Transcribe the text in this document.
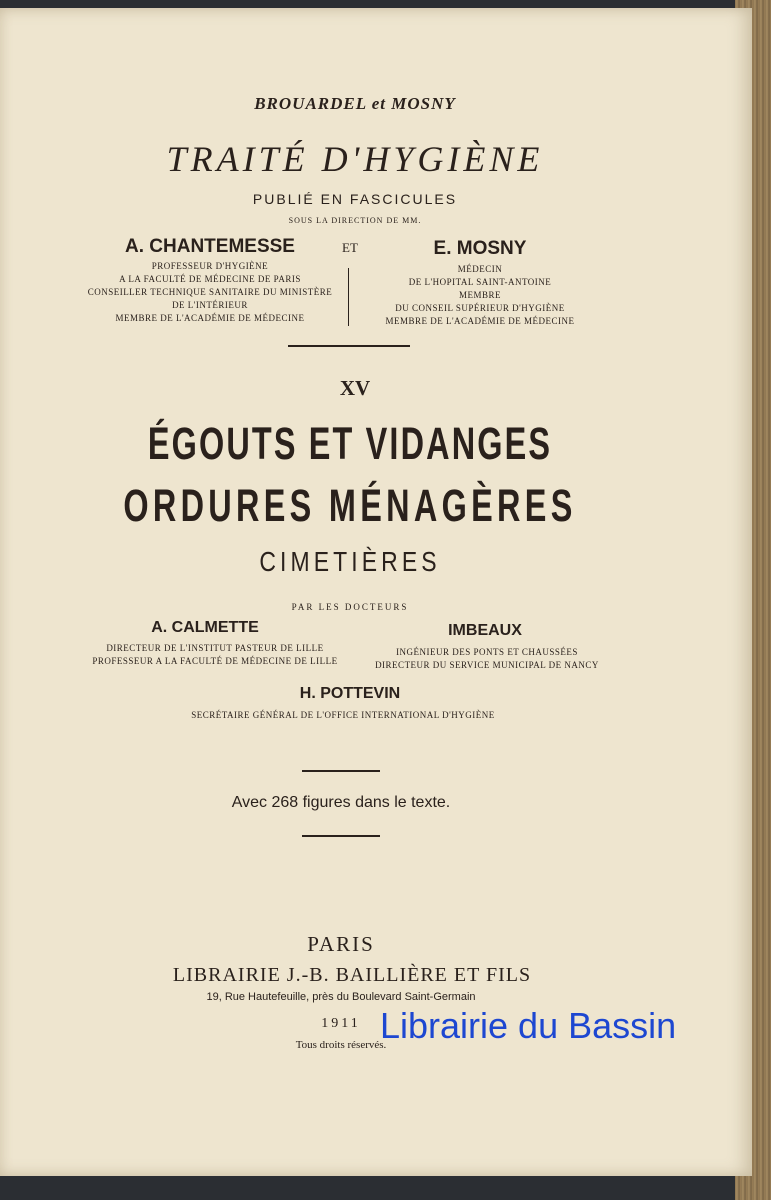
BROUARDEL et MOSNY
TRAITÉ D'HYGIÈNE
PUBLIÉ EN FASCICULES
SOUS LA DIRECTION DE MM.
A. CHANTEMESSE	ET	E. MOSNY
PROFESSEUR D'HYGIÈNE
A LA FACULTÉ DE MÉDECINE DE PARIS
CONSEILLER TECHNIQUE SANITAIRE DU MINISTÈRE
DE L'INTÉRIEUR
MEMBRE DE L'ACADÉMIE DE MÉDECINE
MÉDECIN
DE L'HOPITAL SAINT-ANTOINE
MEMBRE
DU CONSEIL SUPÉRIEUR D'HYGIÈNE
MEMBRE DE L'ACADÉMIE DE MÉDECINE
XV
ÉGOUTS ET VIDANGES
ORDURES MÉNAGÈRES
CIMETIÈRES
PAR LES DOCTEURS
A. CALMETTE	IMBEAUX
DIRECTEUR DE L'INSTITUT PASTEUR DE LILLE
PROFESSEUR A LA FACULTÉ DE MÉDECINE DE LILLE
INGÉNIEUR DES PONTS ET CHAUSSÉES
DIRECTEUR DU SERVICE MUNICIPAL DE NANCY
H. POTTEVIN
SECRÉTAIRE GÉNÉRAL DE L'OFFICE INTERNATIONAL D'HYGIÈNE
Avec 268 figures dans le texte.
PARIS
LIBRAIRIE J.-B. BAILLIÈRE ET FILS
19, Rue Hautefeuille, près du Boulevard Saint-Germain
1911
Tous droits réservés.
Librairie du Bassin
